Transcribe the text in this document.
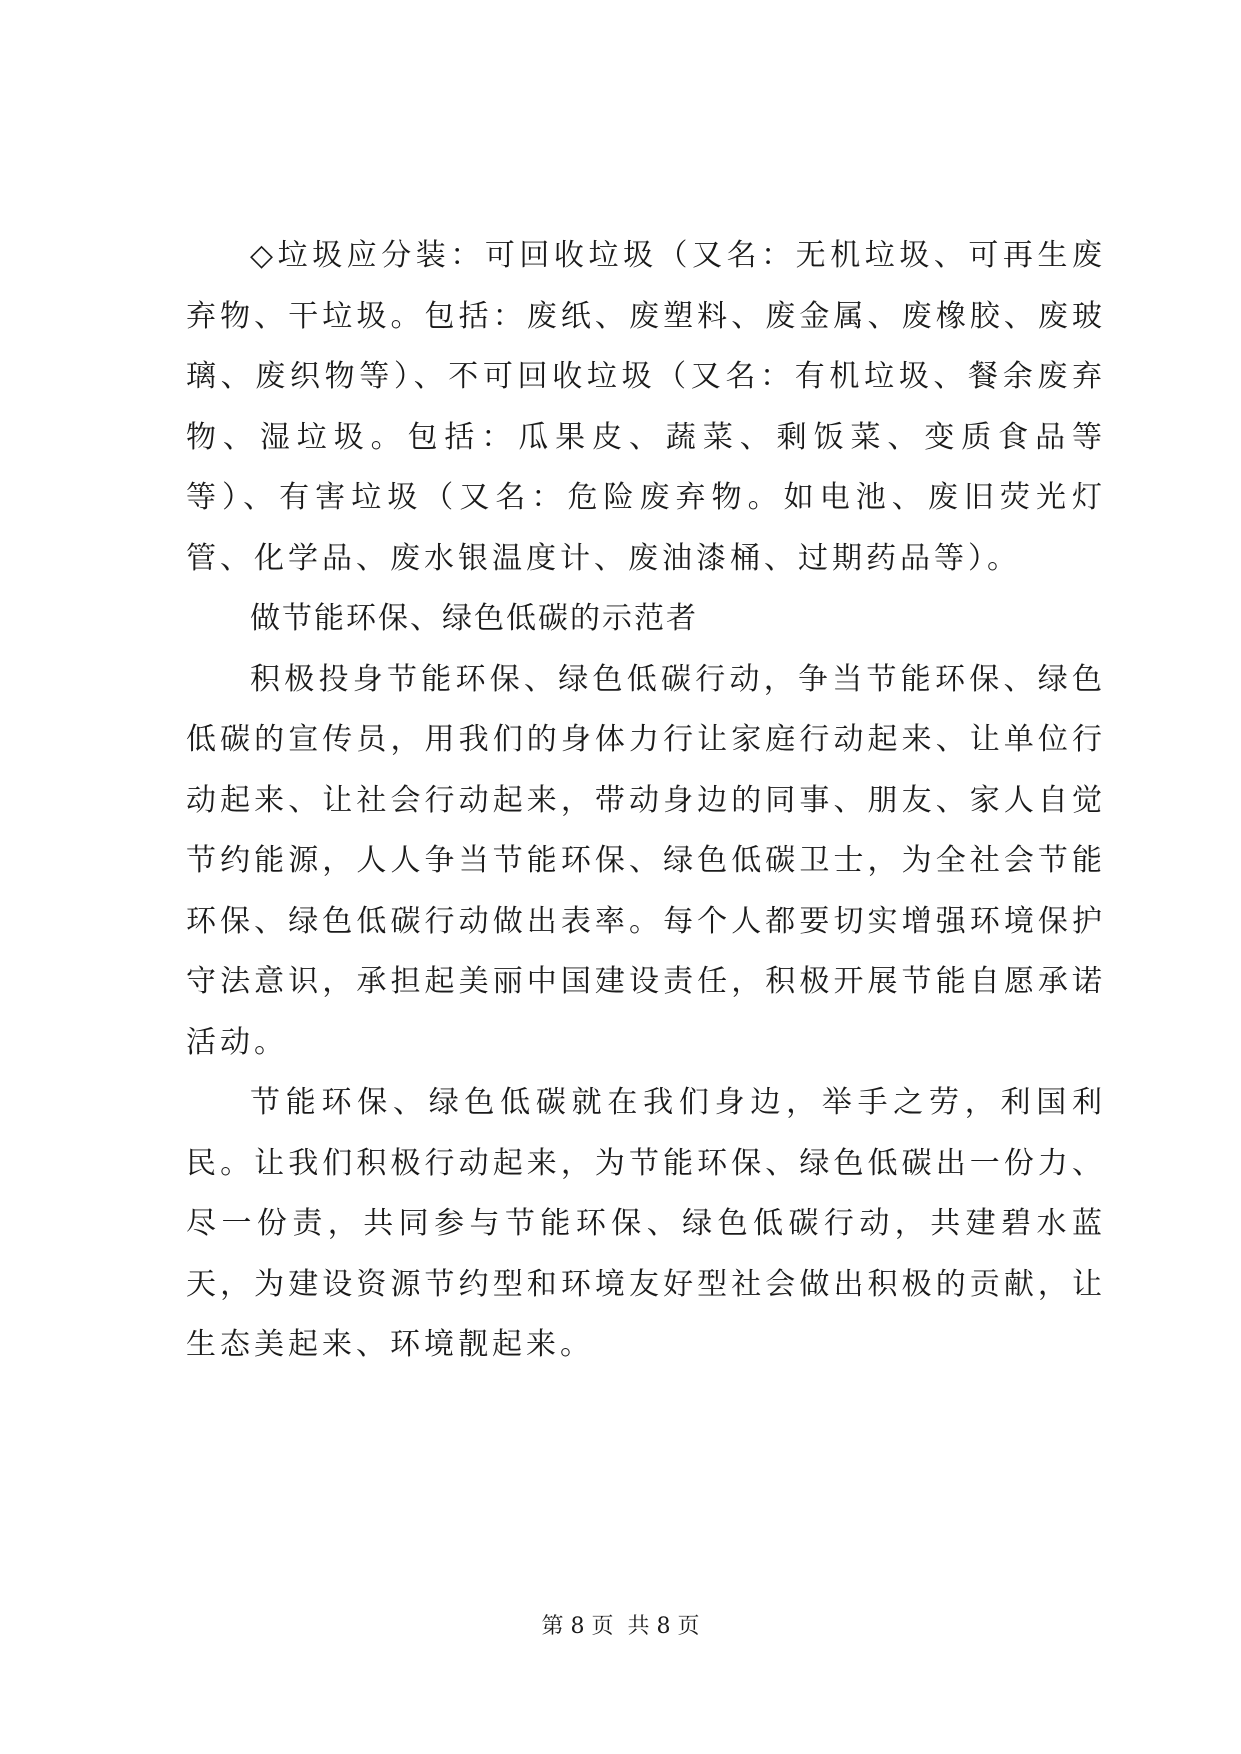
◇垃圾应分装：可回收垃圾（又名：无机垃圾、可再生废弃物、干垃圾。包括：废纸、废塑料、废金属、废橡胶、废玻璃、废织物等）、不可回收垃圾（又名：有机垃圾、餐余废弃物、湿垃圾。包括：瓜果皮、蔬菜、剩饭菜、变质食品等等）、有害垃圾（又名：危险废弃物。如电池、废旧荧光灯管、化学品、废水银温度计、废油漆桶、过期药品等）。

做节能环保、绿色低碳的示范者

积极投身节能环保、绿色低碳行动，争当节能环保、绿色低碳的宣传员，用我们的身体力行让家庭行动起来、让单位行动起来、让社会行动起来，带动身边的同事、朋友、家人自觉节约能源，人人争当节能环保、绿色低碳卫士，为全社会节能环保、绿色低碳行动做出表率。每个人都要切实增强环境保护守法意识，承担起美丽中国建设责任，积极开展节能自愿承诺活动。

节能环保、绿色低碳就在我们身边，举手之劳，利国利民。让我们积极行动起来，为节能环保、绿色低碳出一份力、尽一份责，共同参与节能环保、绿色低碳行动，共建碧水蓝天，为建设资源节约型和环境友好型社会做出积极的贡献，让生态美起来、环境靓起来。

第 8 页  共 8 页
